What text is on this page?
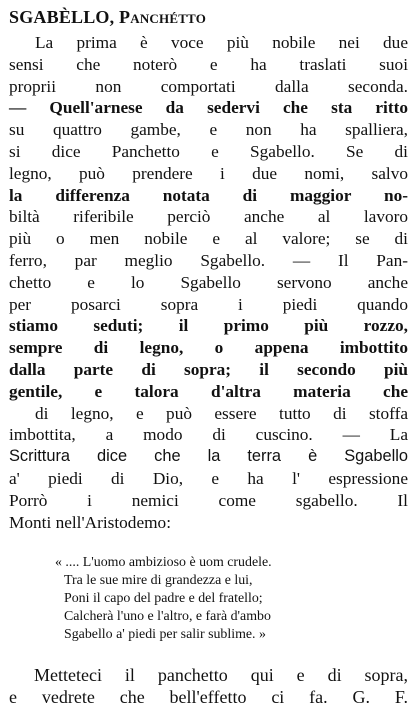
SGABÈLLO, Panchétto
La prima è voce più nobile nei due
sensi che noterò e ha traslati suoi
proprii non comportati dalla seconda.
— Quell'arnese da sedervi che sta ritto
su quattro gambe, e non ha spalliera,
si dice Panchetto e Sgabello. Se di
legno, può prendere i due nomi, salvo
la differenza notata di maggior no-
biltà riferibile perciò anche al lavoro
più o men nobile e al valore; se di
ferro, par meglio Sgabello. — Il Pan-
chetto e lo Sgabello servono anche
per posarci sopra i piedi quando
stiamo seduti; il primo più rozzo,
sempre di legno, o appena imbottito
dalla parte di sopra; il secondo più
gentile, e talora d'altra materia che
di legno, e può essere tutto di stoffa
imbottita, a modo di cuscino. — La
Scrittura dice che la terra è Sgabello
a' piedi di Dio, e ha l' espressione
Porrò i nemici come sgabello. Il
Monti nell'Aristodemo:
« .... L'uomo ambizioso è uom crudele.
Tra le sue mire di grandezza e lui,
Poni il capo del padre e del fratello;
Calcherà l'uno e l'altro, e farà d'ambo
Sgabello a' piedi per salir sublime. »
Metteteci il panchetto qui e di sopra,
e vedrete che bell'effetto ci fa. G. F.
